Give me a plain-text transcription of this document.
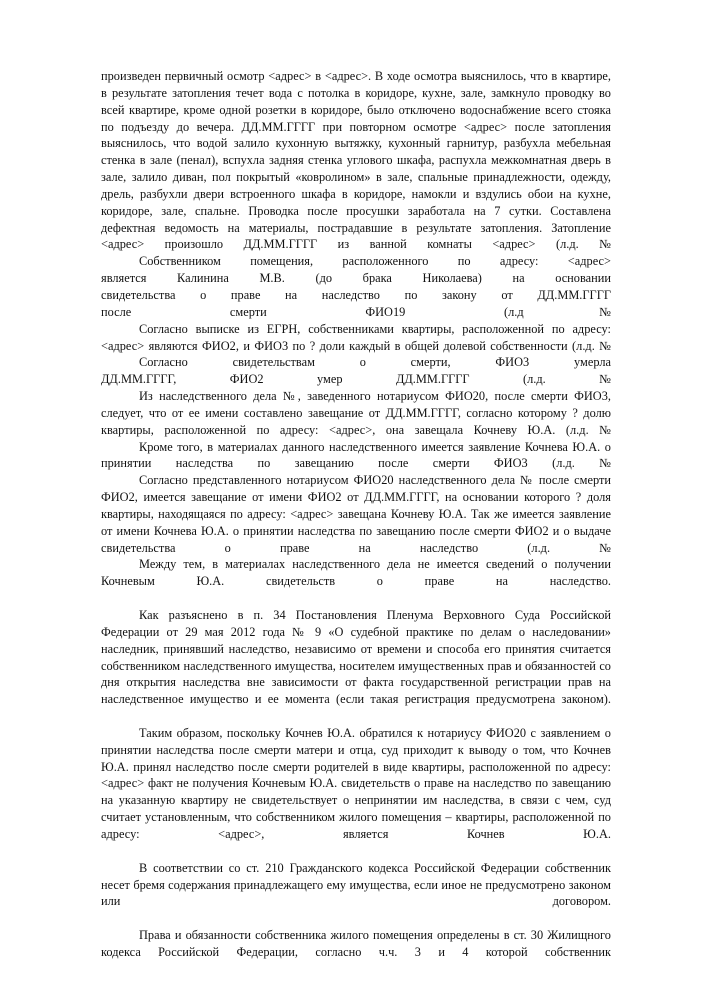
произведен первичный осмотр <адрес> в <адрес>. В ходе осмотра выяснилось, что в квартире, в результате затопления течет вода с потолка в коридоре, кухне, зале, замкнуло проводку во всей квартире, кроме одной розетки в коридоре, было отключено водоснабжение всего стояка по подъезду до вечера. ДД.ММ.ГГГГ при повторном осмотре <адрес> после затопления выяснилось, что водой залило кухонную вытяжку, кухонный гарнитур, разбухла мебельная стенка в зале (пенал), вспухла задняя стенка углового шкафа, распухла межкомнатная дверь в зале, залило диван, пол покрытый «ковролином» в зале, спальные принадлежности, одежду, дрель, разбухли двери встроенного шкафа в коридоре, намокли и вздулись обои на кухне, коридоре, зале, спальне. Проводка после просушки заработала на 7 сутки. Составлена дефектная ведомость на материалы, пострадавшие в результате затопления. Затопление <адрес> произошло ДД.ММ.ГГГГ из ванной комнаты <адрес> (л.д. №

Собственником помещения, расположенного по адресу: <адрес> является Калинина М.В. (до брака Николаева) на основании свидетельства о праве на наследство по закону от ДД.ММ.ГГГГ после смерти ФИО19 (л.д№

Согласно выписке из ЕГРН, собственниками квартиры, расположенной по адресу: <адрес> являются ФИО2, и ФИО3 по ? доли каждый в общей долевой собственности (л.д. №

Согласно свидетельствам о смерти, ФИО3 умерла ДД.ММ.ГГГГ, ФИО2 умер ДД.ММ.ГГГГ (л.д. №

Из наследственного дела №, заведенного нотариусом ФИО20, после смерти ФИО3, следует, что от ее имени составлено завещание от ДД.ММ.ГГГГ, согласно которому ? долю квартиры, расположенной по адресу: <адрес>, она завещала Кочневу Ю.А. (л.д. №

Кроме того, в материалах данного наследственного имеется заявление Кочнева Ю.А. о принятии наследства по завещанию после смерти ФИО3 (л.д. №

Согласно представленного нотариусом ФИО20 наследственного дела № после смерти ФИО2, имеется завещание от имени ФИО2 от ДД.ММ.ГГГГ, на основании которого ? доля квартиры, находящаяся по адресу: <адрес> завещана Кочневу Ю.А. Так же имеется заявление от имени Кочнева Ю.А. о принятии наследства по завещанию после смерти ФИО2 и о выдаче свидетельства о праве на наследство (л.д. №

Между тем, в материалах наследственного дела не имеется сведений о получении Кочневым Ю.А. свидетельств о праве на наследство.

Как разъяснено в п. 34 Постановления Пленума Верховного Суда Российской Федерации от 29 мая 2012 года № 9 «О судебной практике по делам о наследовании» наследник, принявший наследство, независимо от времени и способа его принятия считается собственником наследственного имущества, носителем имущественных прав и обязанностей со дня открытия наследства вне зависимости от факта государственной регистрации прав на наследственное имущество и ее момента (если такая регистрация предусмотрена законом).

Таким образом, поскольку Кочнев Ю.А. обратился к нотариусу ФИО20 с заявлением о принятии наследства после смерти матери и отца, суд приходит к выводу о том, что Кочнев Ю.А. принял наследство после смерти родителей в виде квартиры, расположенной по адресу: <адрес> факт не получения Кочневым Ю.А. свидетельств о праве на наследство по завещанию на указанную квартиру не свидетельствует о непринятии им наследства, в связи с чем, суд считает установленным, что собственником жилого помещения – квартиры, расположенной по адресу: <адрес>, является Кочнев Ю.А.

В соответствии со ст. 210 Гражданского кодекса Российской Федерации собственник несет бремя содержания принадлежащего ему имущества, если иное не предусмотрено законом или договором.

Права и обязанности собственника жилого помещения определены в ст. 30 Жилищного кодекса Российской Федерации, согласно ч.ч. 3 и 4 которой собственник
